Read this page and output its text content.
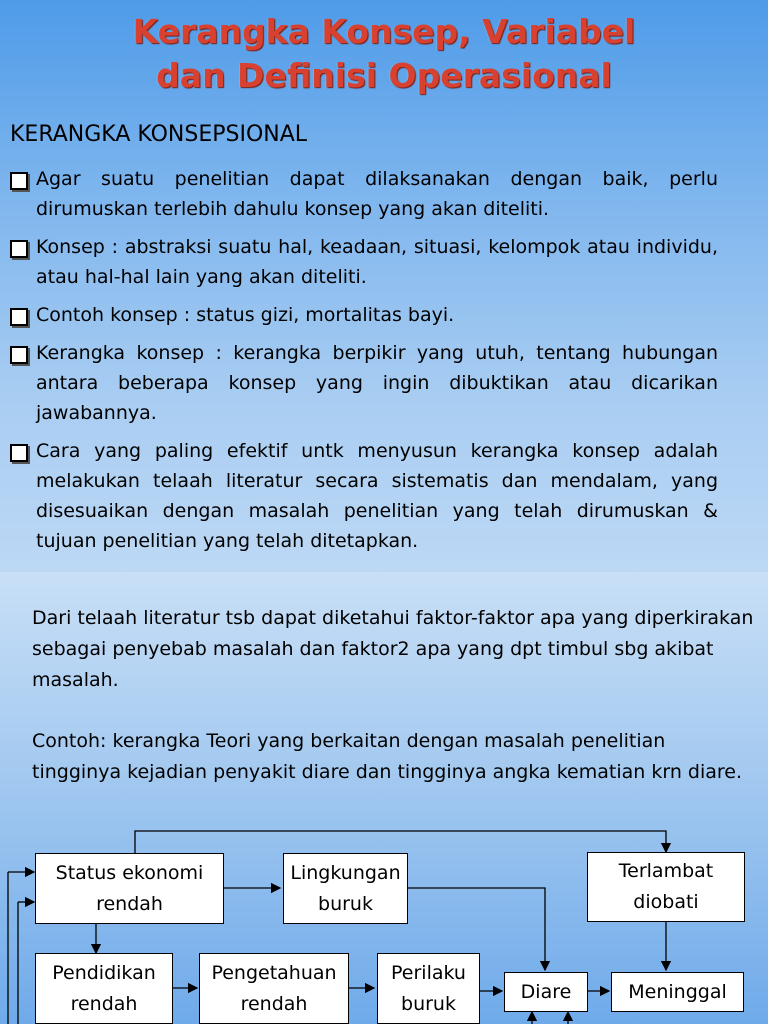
Kerangka Konsep, Variabel
dan Definisi Operasional
KERANGKA KONSEPSIONAL
Agar suatu penelitian dapat dilaksanakan dengan baik, perlu dirumuskan terlebih dahulu konsep yang akan diteliti.
Konsep : abstraksi suatu hal, keadaan, situasi, kelompok atau individu, atau hal-hal lain yang akan diteliti.
Contoh konsep : status gizi, mortalitas bayi.
Kerangka konsep : kerangka berpikir yang utuh, tentang hubungan antara beberapa konsep yang ingin dibuktikan atau dicarikan jawabannya.
Cara yang paling efektif untk menyusun kerangka konsep adalah melakukan telaah literatur secara sistematis dan mendalam, yang disesuaikan dengan masalah penelitian yang telah dirumuskan & tujuan penelitian yang telah ditetapkan.
Dari telaah literatur tsb dapat diketahui faktor-faktor apa yang diperkirakan sebagai penyebab masalah dan faktor2 apa yang dpt timbul sbg akibat masalah.
Contoh: kerangka Teori yang berkaitan dengan masalah penelitian tingginya kejadian penyakit diare dan tingginya angka kematian krn diare.
Status ekonomi
rendah
Lingkungan
buruk
Terlambat
diobati
Pendidikan
rendah
Pengetahuan
rendah
Perilaku
buruk
Diare	Meninggal
